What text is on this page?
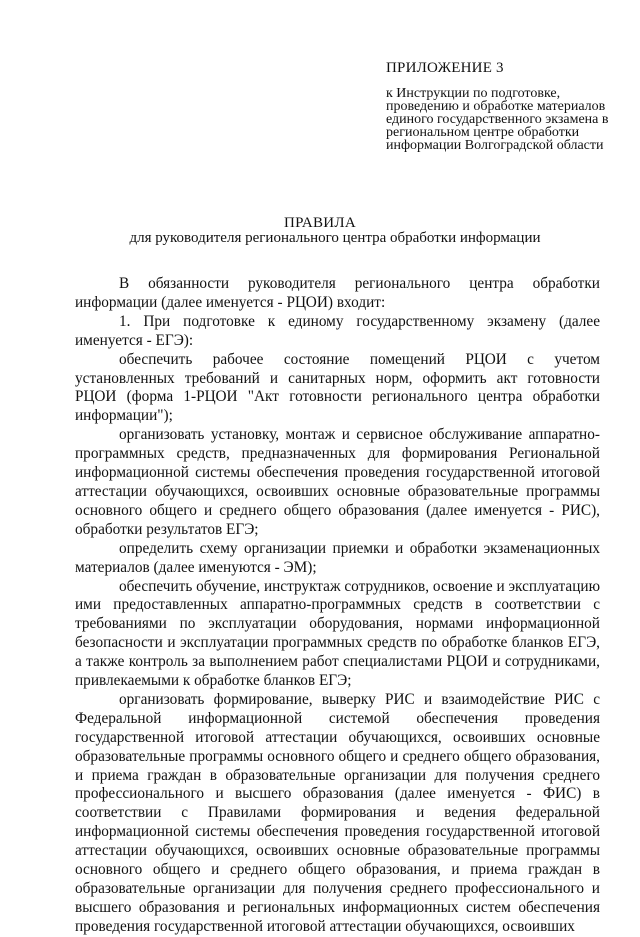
ПРИЛОЖЕНИЕ 3
к Инструкции по подготовке, проведению и обработке материалов единого государственного экзамена в региональном центре обработки информации Волгоградской области
ПРАВИЛА
для руководителя регионального центра обработки информации

В обязанности руководителя регионального центра обработки информации (далее именуется - РЦОИ) входит:

1. При подготовке к единому государственному экзамену (далее именуется - ЕГЭ):

обеспечить рабочее состояние помещений РЦОИ с учетом установленных требований и санитарных норм, оформить акт готовности РЦОИ (форма 1-РЦОИ "Акт готовности регионального центра обработки информации");

организовать установку, монтаж и сервисное обслуживание аппаратно-программных средств, предназначенных для формирования Региональной информационной системы обеспечения проведения государственной итоговой аттестации обучающихся, освоивших основные образовательные программы основного общего и среднего общего образования (далее именуется - РИС), обработки результатов ЕГЭ;

определить схему организации приемки и обработки экзаменационных материалов (далее именуются - ЭМ);

обеспечить обучение, инструктаж сотрудников, освоение и эксплуатацию ими предоставленных аппаратно-программных средств в соответствии с требованиями по эксплуатации оборудования, нормами информационной безопасности и эксплуатации программных средств по обработке бланков ЕГЭ, а также контроль за выполнением работ специалистами РЦОИ и сотрудниками, привлекаемыми к обработке бланков ЕГЭ;

организовать формирование, выверку РИС и взаимодействие РИС с Федеральной информационной системой обеспечения проведения государственной итоговой аттестации обучающихся, освоивших основные образовательные программы основного общего и среднего общего образования, и приема граждан в образовательные организации для получения среднего профессионального и высшего образования (далее именуется - ФИС) в соответствии с Правилами формирования и ведения федеральной информационной системы обеспечения проведения государственной итоговой аттестации обучающихся, освоивших основные образовательные программы основного общего и среднего общего образования, и приема граждан в образовательные организации для получения среднего профессионального и высшего образования и региональных информационных систем обеспечения проведения государственной итоговой аттестации обучающихся, освоивших
